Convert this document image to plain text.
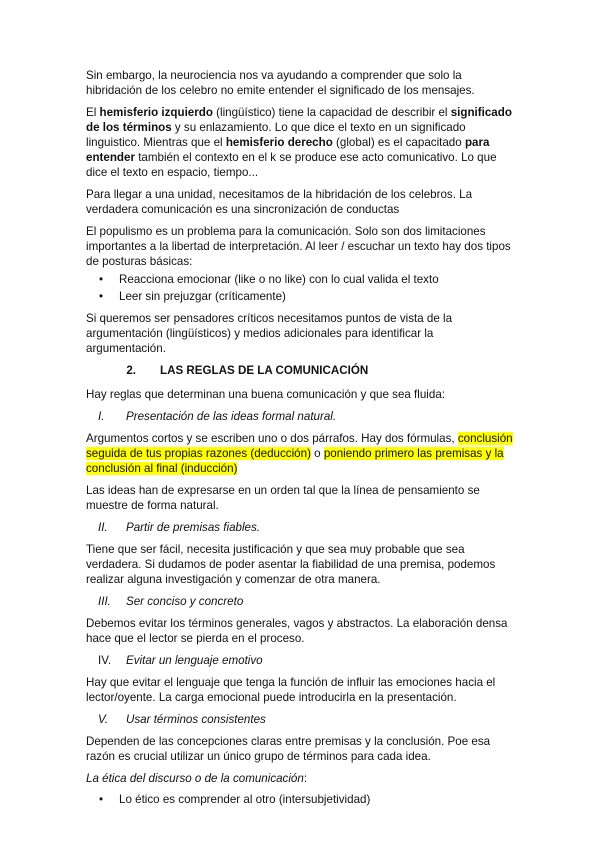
Sin embargo, la neurociencia nos va ayudando a comprender que solo la hibridación de los celebro no emite entender el significado de los mensajes.

El hemisferio izquierdo (lingüístico) tiene la capacidad de describir el significado de los términos y su enlazamiento. Lo que dice el texto en un significado linguistico. Mientras que el hemisferio derecho (global) es el capacitado para entender también el contexto en el k se produce ese acto comunicativo. Lo que dice el texto en espacio, tiempo...

Para llegar a una unidad, necesitamos de la hibridación de los celebros. La verdadera comunicación es una sincronización de conductas

El populismo es un problema para la comunicación. Solo son dos limitaciones importantes a la libertad de interpretación. Al leer / escuchar un texto hay dos tipos de posturas básicas:

• Reacciona emocionar (like o no like) con lo cual valida el texto
• Leer sin prejuzgar (críticamente)

Si queremos ser pensadores críticos necesitamos puntos de vista de la argumentación (lingüísticos) y medios adicionales para identificar la argumentación.

2. LAS REGLAS DE LA COMUNICACIÓN

Hay reglas que determinan una buena comunicación y que sea fluida:

I. Presentación de las ideas formal natural.

Argumentos cortos y se escriben uno o dos párrafos. Hay dos fórmulas, conclusión seguida de tus propias razones (deducción) o poniendo primero las premisas y la conclusión al final (inducción)

Las ideas han de expresarse en un orden tal que la línea de pensamiento se muestre de forma natural.

II. Partir de premisas fiables.

Tiene que ser fácil, necesita justificación y que sea muy probable que sea verdadera. Si dudamos de poder asentar la fiabilidad de una premisa, podemos realizar alguna investigación y comenzar de otra manera.

III. Ser conciso y concreto

Debemos evitar los términos generales, vagos y abstractos. La elaboración densa hace que el lector se pierda en el proceso.

IV. Evitar un lenguaje emotivo

Hay que evitar el lenguaje que tenga la función de influir las emociones hacia el lector/oyente. La carga emocional puede introducirla en la presentación.

V. Usar términos consistentes

Dependen de las concepciones claras entre premisas y la conclusión. Poe esa razón es crucial utilizar un único grupo de términos para cada idea.

La ética del discurso o de la comunicación:

• Lo ético es comprender al otro (intersubjetividad)
